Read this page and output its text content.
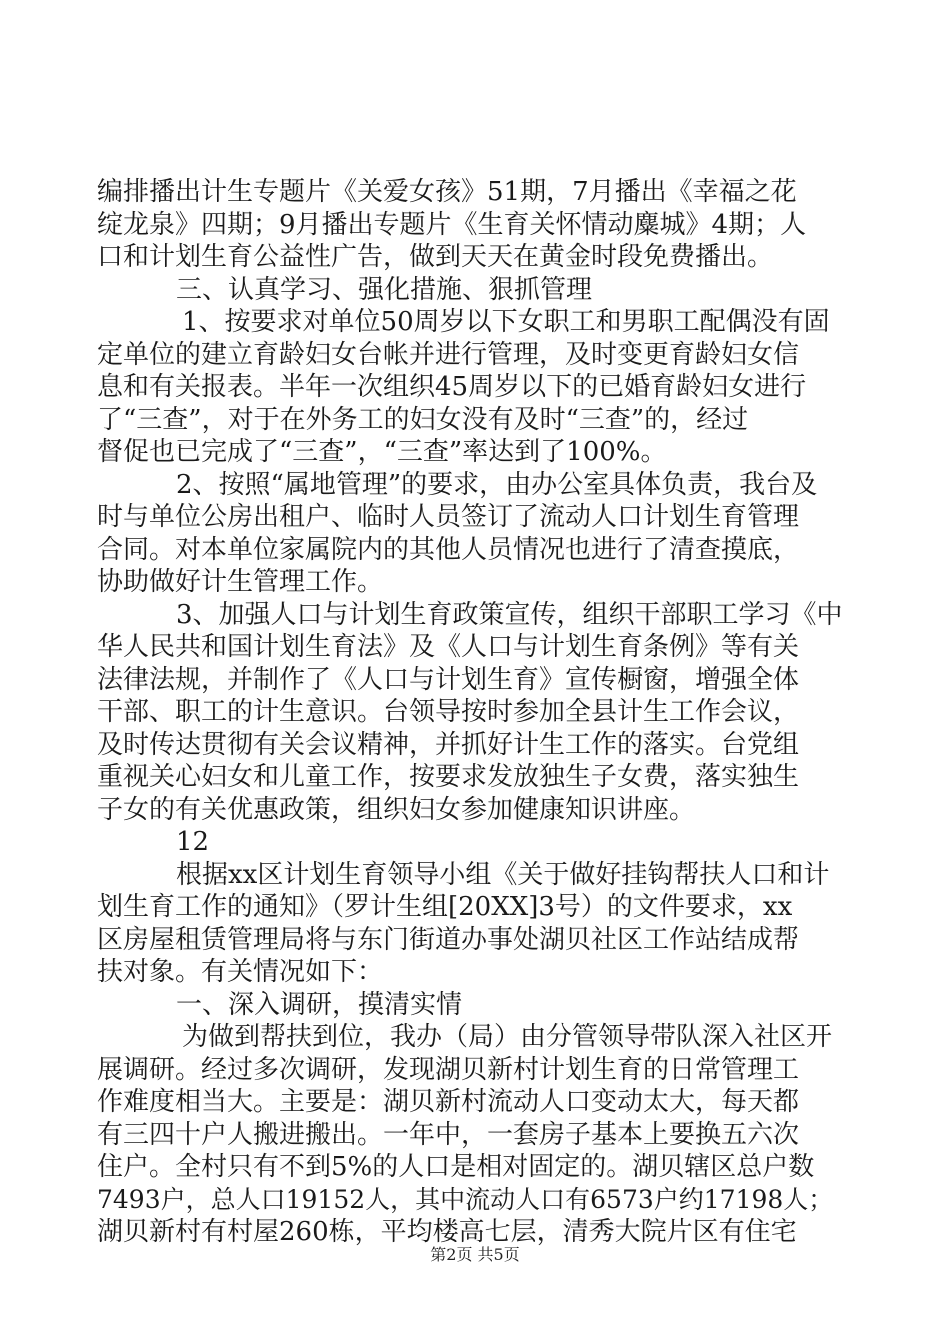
编排播出计生专题片《关爱女孩》51期，7月播出《幸福之花
绽龙泉》四期；9月播出专题片《生育关怀情动麋城》4期；人
口和计划生育公益性广告，做到天天在黄金时段免费播出。
三、认真学习、强化措施、狠抓管理
1、按要求对单位50周岁以下女职工和男职工配偶没有固
定单位的建立育龄妇女台帐并进行管理，及时变更育龄妇女信
息和有关报表。半年一次组织45周岁以下的已婚育龄妇女进行
了“三查”，对于在外务工的妇女没有及时“三查”的，经过
督促也已完成了“三查”，“三查”率达到了100%。
2、按照“属地管理”的要求，由办公室具体负责，我台及
时与单位公房出租户、临时人员签订了流动人口计划生育管理
合同。对本单位家属院内的其他人员情况也进行了清查摸底，
协助做好计生管理工作。
3、加强人口与计划生育政策宣传，组织干部职工学习《中
华人民共和国计划生育法》及《人口与计划生育条例》等有关
法律法规，并制作了《人口与计划生育》宣传橱窗，增强全体
干部、职工的计生意识。台领导按时参加全县计生工作会议，
及时传达贯彻有关会议精神，并抓好计生工作的落实。台党组
重视关心妇女和儿童工作，按要求发放独生子女费，落实独生
子女的有关优惠政策，组织妇女参加健康知识讲座。
12
根据xx区计划生育领导小组《关于做好挂钩帮扶人口和计
划生育工作的通知》（罗计生组[20XX]3号）的文件要求，xx
区房屋租赁管理局将与东门街道办事处湖贝社区工作站结成帮
扶对象。有关情况如下：
一、深入调研，摸清实情
为做到帮扶到位，我办（局）由分管领导带队深入社区开
展调研。经过多次调研，发现湖贝新村计划生育的日常管理工
作难度相当大。主要是：湖贝新村流动人口变动太大，每天都
有三四十户人搬进搬出。一年中，一套房子基本上要换五六次
住户。全村只有不到5%的人口是相对固定的。湖贝辖区总户数
7493户，总人口19152人，其中流动人口有6573户约17198人；
湖贝新村有村屋260栋，平均楼高七层，清秀大院片区有住宅
第2页 共5页
